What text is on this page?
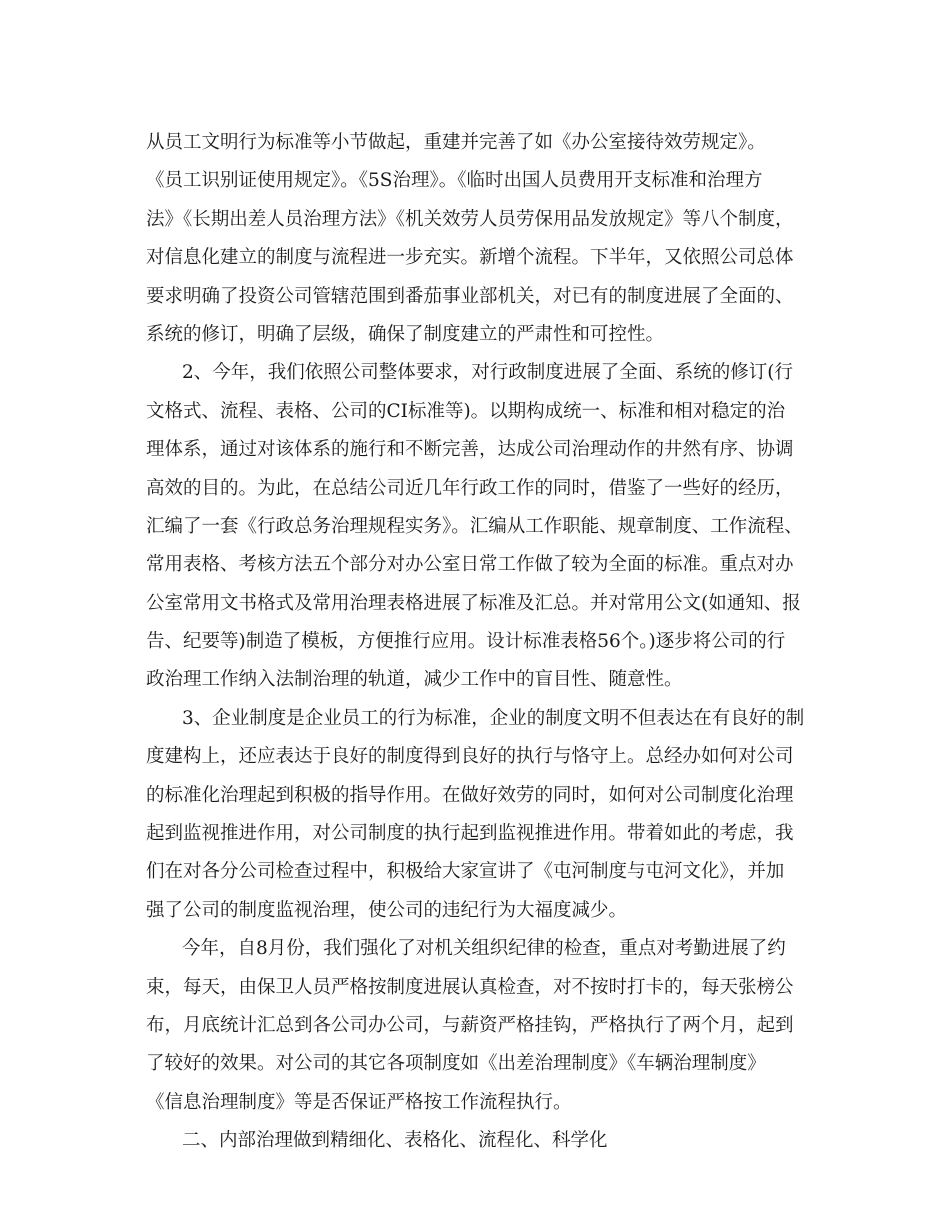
从员工文明行为标准等小节做起，重建并完善了如《办公室接待效劳规定》。
《员工识别证使用规定》。《5S治理》。《临时出国人员费用开支标准和治理方
法》《长期出差人员治理方法》《机关效劳人员劳保用品发放规定》等八个制度，
对信息化建立的制度与流程进一步充实。新增个流程。下半年，又依照公司总体
要求明确了投资公司管辖范围到番茄事业部机关，对已有的制度进展了全面的、
系统的修订，明确了层级，确保了制度建立的严肃性和可控性。
2、今年，我们依照公司整体要求，对行政制度进展了全面、系统的修订(行
文格式、流程、表格、公司的CI标准等)。以期构成统一、标准和相对稳定的治
理体系，通过对该体系的施行和不断完善，达成公司治理动作的井然有序、协调
高效的目的。为此，在总结公司近几年行政工作的同时，借鉴了一些好的经历，
汇编了一套《行政总务治理规程实务》。汇编从工作职能、规章制度、工作流程、
常用表格、考核方法五个部分对办公室日常工作做了较为全面的标准。重点对办
公室常用文书格式及常用治理表格进展了标准及汇总。并对常用公文(如通知、报
告、纪要等)制造了模板，方便推行应用。设计标准表格56个。)逐步将公司的行
政治理工作纳入法制治理的轨道，减少工作中的盲目性、随意性。
3、企业制度是企业员工的行为标准，企业的制度文明不但表达在有良好的制
度建构上，还应表达于良好的制度得到良好的执行与恪守上。总经办如何对公司
的标准化治理起到积极的指导作用。在做好效劳的同时，如何对公司制度化治理
起到监视推进作用，对公司制度的执行起到监视推进作用。带着如此的考虑，我
们在对各分公司检查过程中，积极给大家宣讲了《屯河制度与屯河文化》，并加
强了公司的制度监视治理，使公司的违纪行为大福度减少。
今年，自8月份，我们强化了对机关组织纪律的检查，重点对考勤进展了约
束，每天，由保卫人员严格按制度进展认真检查，对不按时打卡的，每天张榜公
布，月底统计汇总到各公司办公司，与薪资严格挂钩，严格执行了两个月，起到
了较好的效果。对公司的其它各项制度如《出差治理制度》《车辆治理制度》
《信息治理制度》等是否保证严格按工作流程执行。
二、内部治理做到精细化、表格化、流程化、科学化
